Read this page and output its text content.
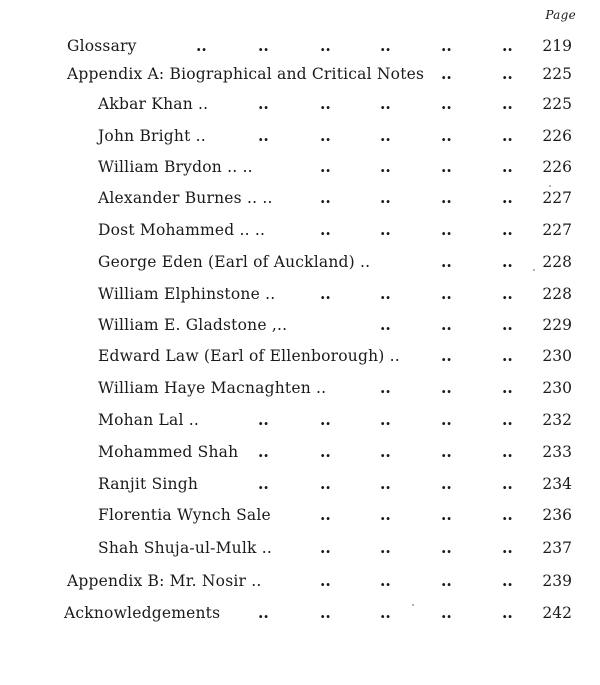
Page
Glossary	..	..	..	..	..	.. 219
Appendix A: Biographical and Critical Notes ..	.. 225
Akbar Khan ..	..	..	..	..	.. 225
John Bright ..	..	..	..	..	.. 226
William Brydon .. ..	..	..	..	.. 226
Alexander Burnes .. ..	..	..	..	.. 227
Dost Mohammed .. ..	..	..	..	.. 227
George Eden (Earl of Auckland) ..	..	.. 228
William Elphinstone ..	..	..	..	.. 228
William E. Gladstone ,..	..	..	.. 229
Edward Law (Earl of Ellenborough) ..	..	.. 230
William Haye Macnaghten ..	..	..	.. 230
Mohan Lal ..	..	..	..	..	.. 232
Mohammed Shah ..	..	..	..	.. 233
Ranjit Singh	..	..	..	..	.. 234
Florentia Wynch Sale	..	..	..	.. 236
Shah Shuja-ul-Mulk ..	..	..	..	.. 237
Appendix B: Mr. Nosir ..	..	..	..	.. 239
Acknowledgements ..	..	..	..	.. 242
